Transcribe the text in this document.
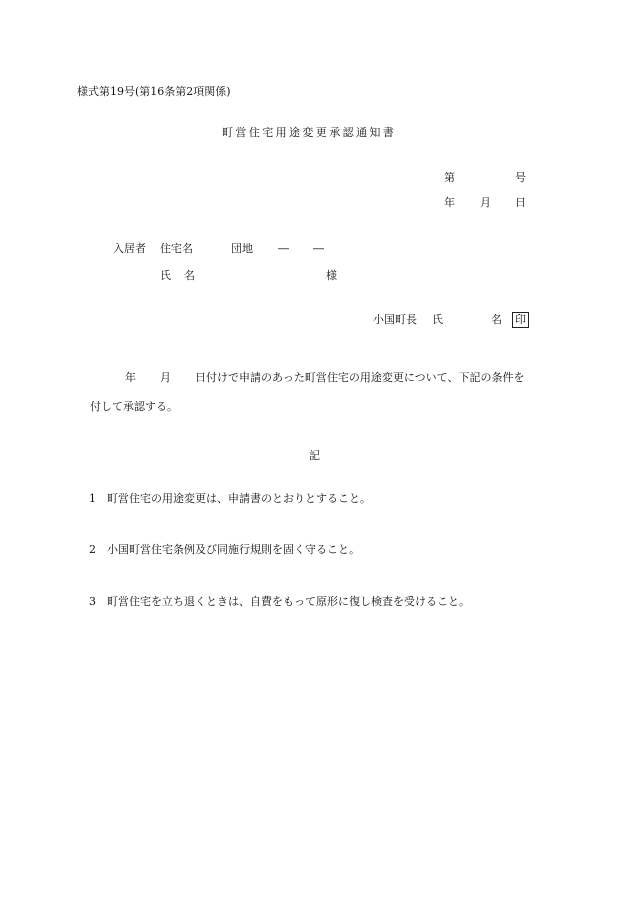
様式第19号(第16条第2項関係)
町営住宅用途変更承認通知書
第	号
年 月 日
入居者 住宅名	団地 ― ―
氏 名	様
小国町長 氏	名 印
年 月 日付けで申請のあった町営住宅の用途変更について、下記の条件を
付して承認する。
記
1 町営住宅の用途変更は、申請書のとおりとすること。
2 小国町営住宅条例及び同施行規則を固く守ること。
3 町営住宅を立ち退くときは、自費をもって原形に復し検査を受けること。
